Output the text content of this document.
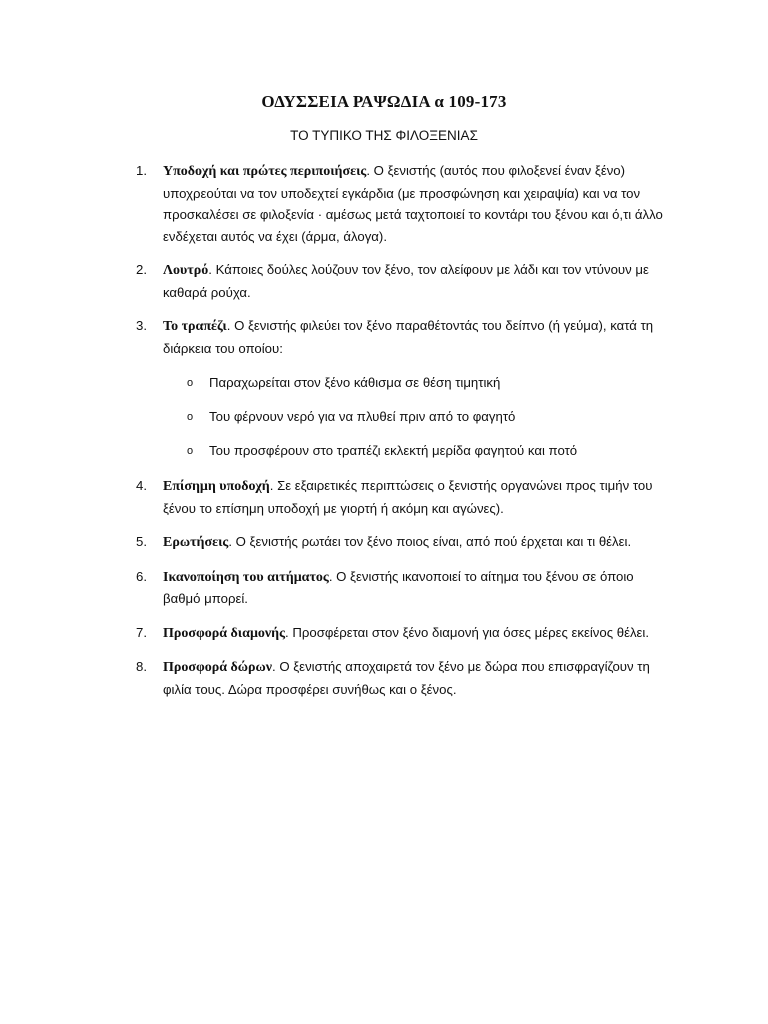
ΟΔΥΣΣΕΙΑ ΡΑΨΩΔΙΑ α 109-173
ΤΟ ΤΥΠΙΚΟ ΤΗΣ ΦΙΛΟΞΕΝΙΑΣ
1. Υποδοχή και πρώτες περιποιήσεις. Ο ξενιστής (αυτός που φιλοξενεί έναν ξένο) υποχρεούται να τον υποδεχτεί εγκάρδια (με προσφώνηση και χειραψία) και να τον προσκαλέσει σε φιλοξενία · αμέσως μετά ταχτοποιεί το κοντάρι του ξένου και ό,τι άλλο ενδέχεται αυτός να έχει (άρμα, άλογα).
2. Λουτρό. Κάποιες δούλες λούζουν τον ξένο, τον αλείφουν με λάδι και τον ντύνουν με καθαρά ρούχα.
3. Το τραπέζι. Ο ξενιστής φιλεύει τον ξένο παραθέτοντάς του δείπνο (ή γεύμα), κατά τη διάρκεια του οποίου:
o Παραχωρείται στον ξένο κάθισμα σε θέση τιμητική
o Του φέρνουν νερό για να πλυθεί πριν από το φαγητό
o Του προσφέρουν στο τραπέζι εκλεκτή μερίδα φαγητού και ποτό
4. Επίσημη υποδοχή. Σε εξαιρετικές περιπτώσεις ο ξενιστής οργανώνει προς τιμήν του ξένου το επίσημη υποδοχή με γιορτή ή ακόμη και αγώνες).
5. Ερωτήσεις. Ο ξενιστής ρωτάει τον ξένο ποιος είναι, από πού έρχεται και τι θέλει.
6. Ικανοποίηση του αιτήματος. Ο ξενιστής ικανοποιεί το αίτημα του ξένου σε όποιο βαθμό μπορεί.
7. Προσφορά διαμονής. Προσφέρεται στον ξένο διαμονή για όσες μέρες εκείνος θέλει.
8. Προσφορά δώρων. Ο ξενιστής αποχαιρετά τον ξένο με δώρα που επισφραγίζουν τη φιλία τους. Δώρα προσφέρει συνήθως και ο ξένος.
